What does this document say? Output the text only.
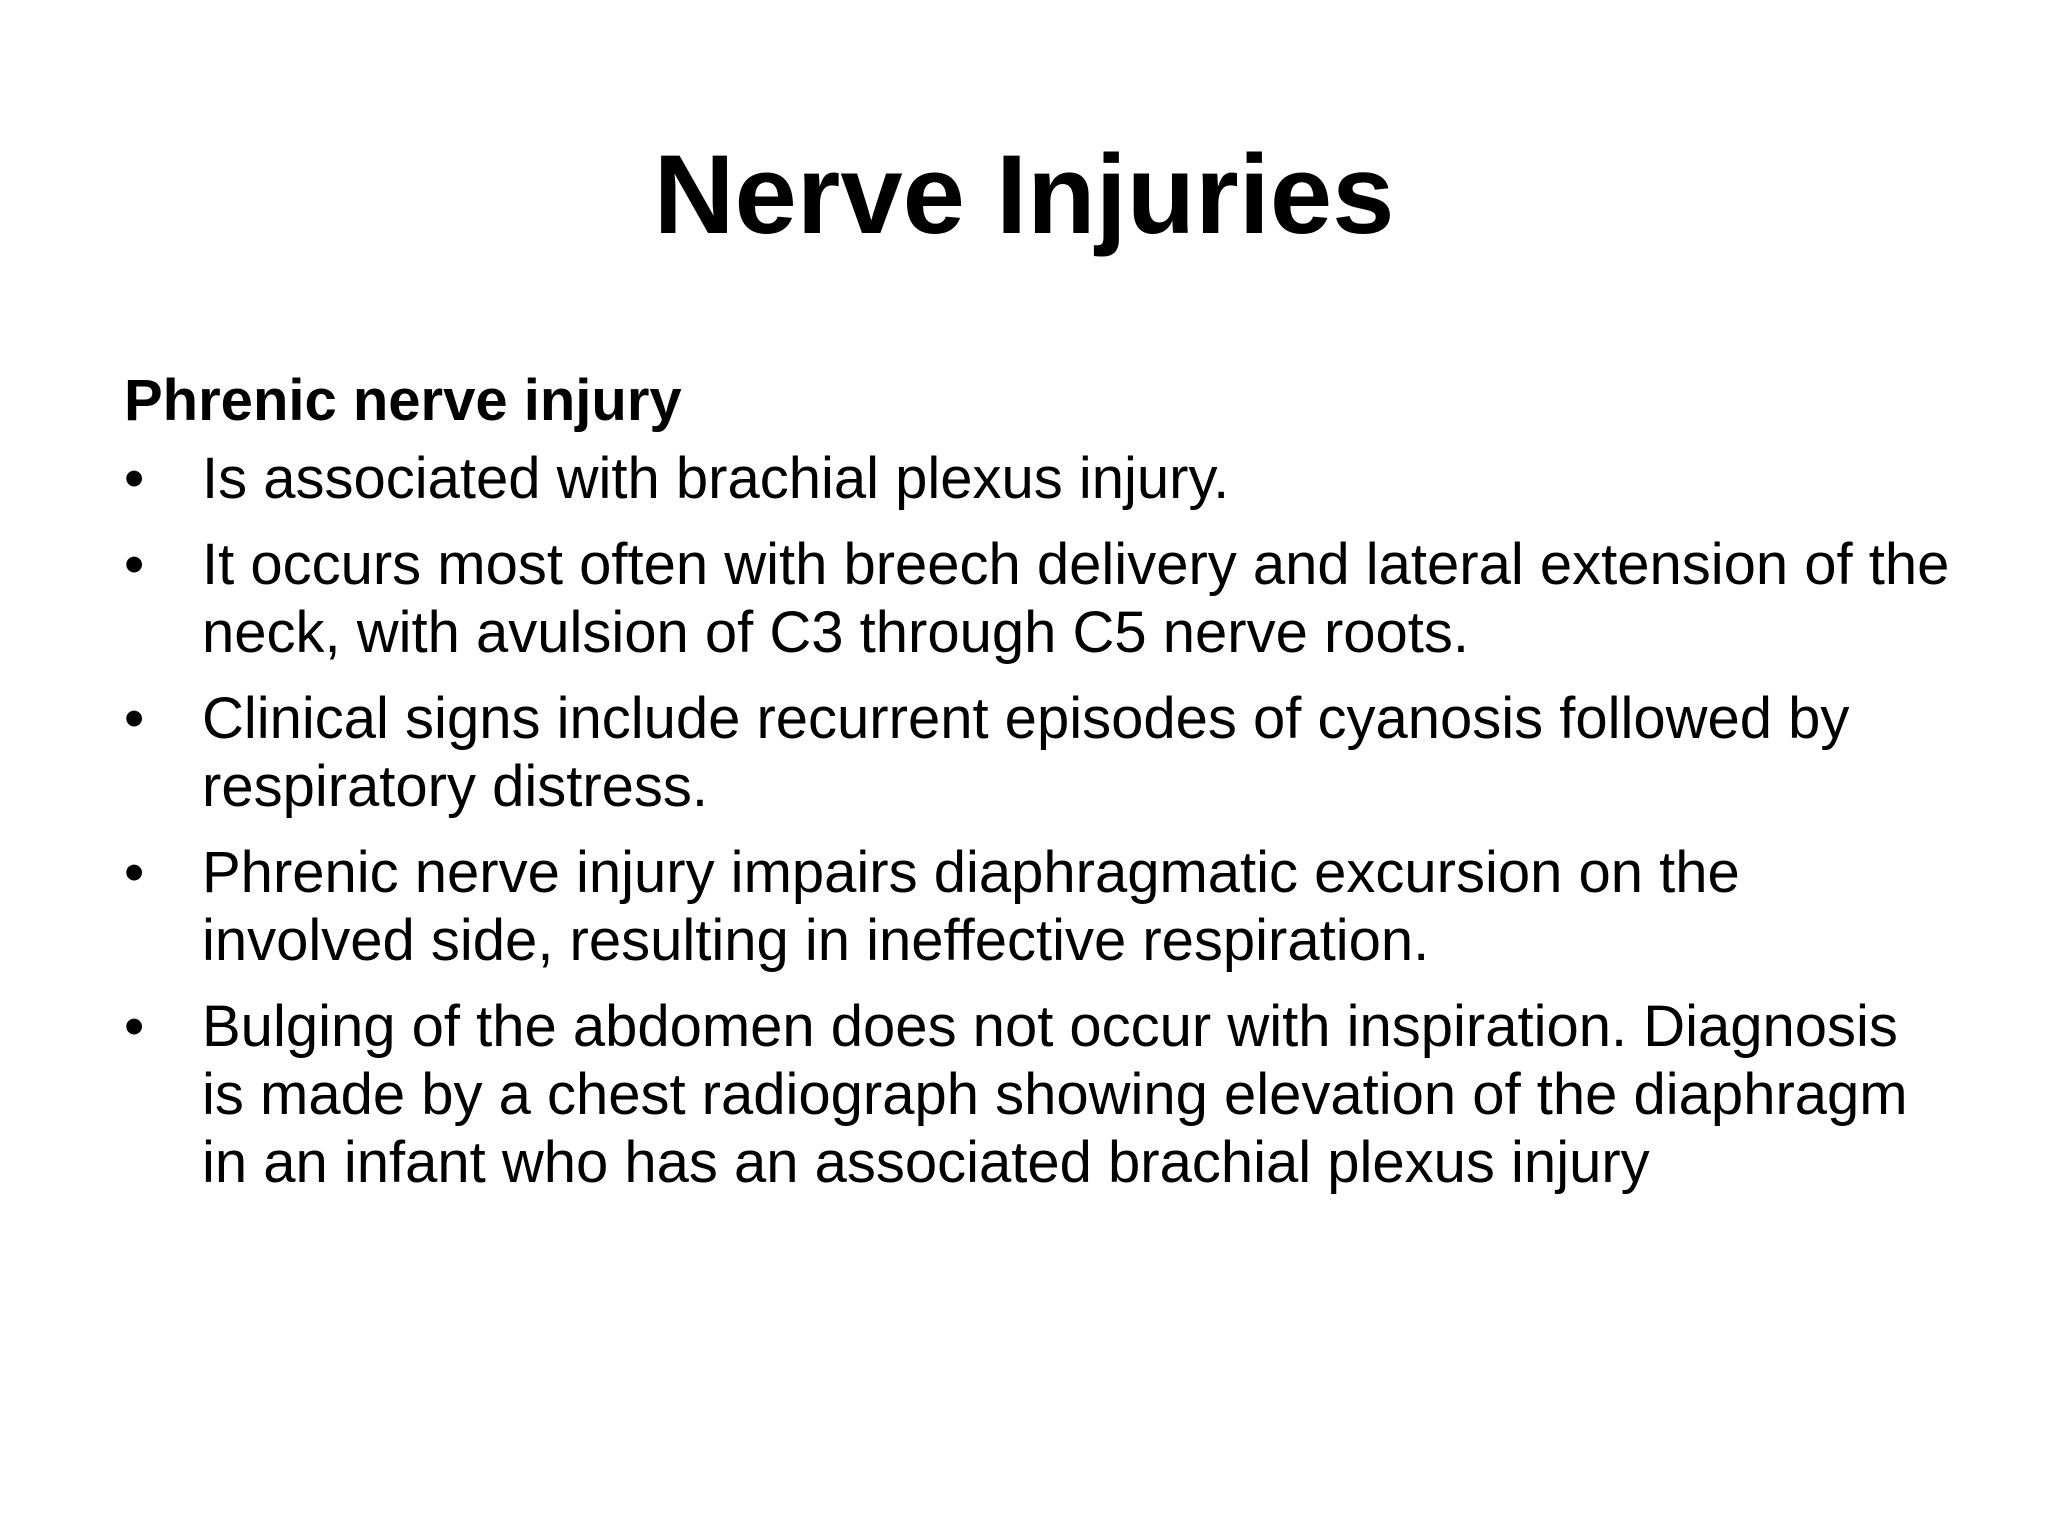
Nerve Injuries

Phrenic nerve injury

• Is associated with brachial plexus injury.
• It occurs most often with breech delivery and lateral extension of the neck, with avulsion of C3 through C5 nerve roots.
• Clinical signs include recurrent episodes of cyanosis followed by respiratory distress.
• Phrenic nerve injury impairs diaphragmatic excursion on the involved side, resulting in ineffective respiration.
• Bulging of the abdomen does not occur with inspiration. Diagnosis is made by a chest radiograph showing elevation of the diaphragm in an infant who has an associated brachial plexus injury
